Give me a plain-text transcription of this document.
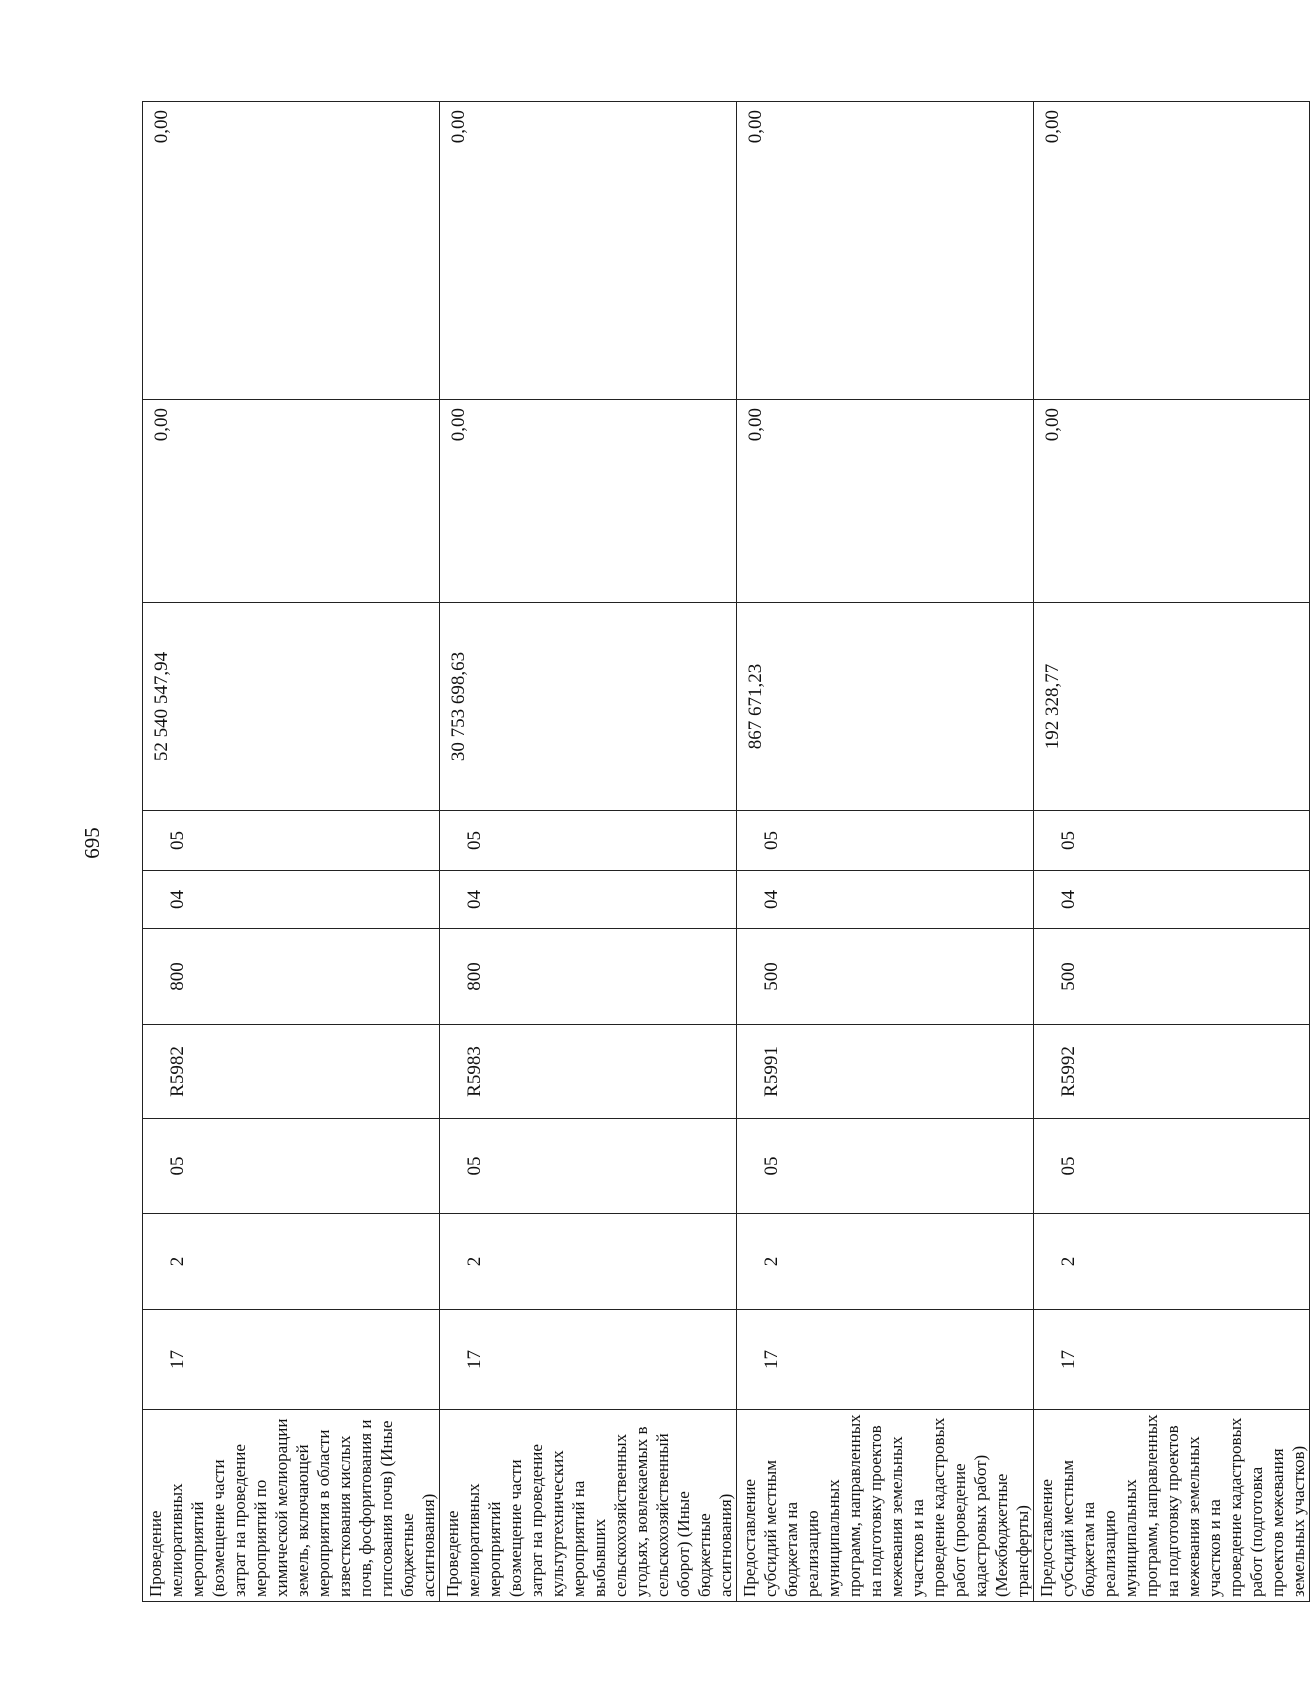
695
Проведение мелиоративных мероприятий (возмещение части затрат на проведение мероприятий по химической мелиорации земель, включающей мероприятия в области известкования кислых почв, фосфоритования и гипсования почв) (Иные бюджетные ассигнования)	17	2	05	R5982	800	04	05	52 540 547,94	0,00	0,00
Проведение мелиоративных мероприятий (возмещение части затрат на проведение культуртехнических мероприятий на выбывших сельскохозяйственных угодьях, вовлекаемых в сельскохозяйственный оборот) (Иные бюджетные ассигнования)	17	2	05	R5983	800	04	05	30 753 698,63	0,00	0,00
Предоставление субсидий местным бюджетам на реализацию муниципальных программ, направленных на подготовку проектов межевания земельных участков и на проведение кадастровых работ (проведение кадастровых работ) (Межбюджетные трансферты)	17	2	05	R5991	500	04	05	867 671,23	0,00	0,00
Предоставление субсидий местным бюджетам на реализацию муниципальных программ, направленных на подготовку проектов межевания земельных участков и на проведение кадастровых работ (подготовка проектов межевания земельных участков)	17	2	05	R5992	500	04	05	192 328,77	0,00	0,00
